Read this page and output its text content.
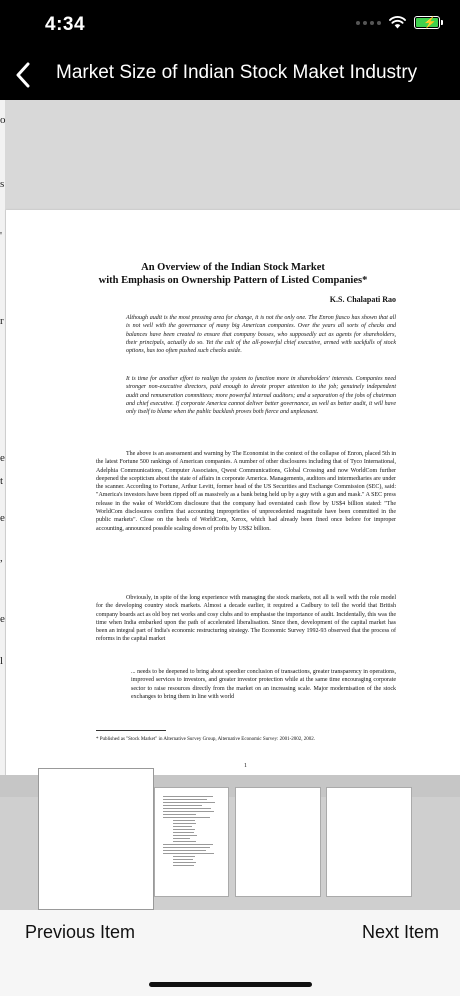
4:34	⚡
Market Size of Indian Stock Maket Industry
o
s
'
r
e
t
e
,
e
l
An Overview of the Indian Stock Market
with Emphasis on Ownership Pattern of Listed Companies*
K.S. Chalapati Rao
Although audit is the most pressing area for change, it is not the only one. The Enron fiasco has shown that all is not well with the governance of many big American companies. Over the years all sorts of checks and balances have been created to ensure that company bosses, who supposedly act as agents for shareholders, their principals, actually do so. Yet the cult of the all-powerful chief executive, armed with sackfulls of stock options, has too often pushed such checks aside.
It is time for another effort to realign the system to function more in shareholders' interests. Companies need stronger non-executive directors, paid enough to devote proper attention to the job; genuinely independent audit and remuneration committees; more powerful internal auditors; and a separation of the jobs of chairman and chief executive. If corporate America cannot deliver better governance, as well as better audit, it will have only itself to blame when the public backlash proves both fierce and unpleasant.
The above is an assessment and warning by The Economist in the context of the collapse of Enron, placed 5th in the latest Fortune 500 rankings of American companies. A number of other disclosures including that of Tyco International, Adelphia Communications, Computer Associates, Qwest Communications, Global Crossing and now WorldCom further deepened the scepticism about the state of affairs in corporate America. Managements, auditors and intermediaries are under the scanner. According to Fortune, Arthur Levitt, former head of the US Securities and Exchange Commission (SEC), said: "America's investors have been ripped off as massively as a bank being held up by a guy with a gun and mask." A SEC press release in the wake of WorldCom disclosure that the company had overstated cash flow by US$4 billion stated: "The WorldCom disclosures confirm that accounting improprieties of unprecedented magnitude have been committed in the public markets". Close on the heels of WorldCom, Xerox, which had already been fined once before for improper accounting, announced possible scaling down of profits by US$2 billion.
Obviously, in spite of the long experience with managing the stock markets, not all is well with the role model for the developing country stock markets. Almost a decade earlier, it required a Cadbury to tell the world that British company boards act as old boy net works and cosy clubs and to emphasise the importance of audit. Incidentally, this was the time when India embarked upon the path of accelerated liberalisation. Since then, development of the capital market has been an integral part of India's economic restructuring strategy. The Economic Survey 1992-93 observed that the process of reforms in the capital market
... needs to be deepened to bring about speedier conclusion of transactions, greater transparency in operations, improved services to investors, and greater investor protection while at the same time encouraging corporate sector to raise resources directly from the market on an increasing scale. Major modernisation of the stock exchanges to bring them in line with world
* Published as "Stock Market" in Alternative Survey Group, Alternative Economic Survey: 2001-2002, 2002.
1
Previous Item	Next Item
